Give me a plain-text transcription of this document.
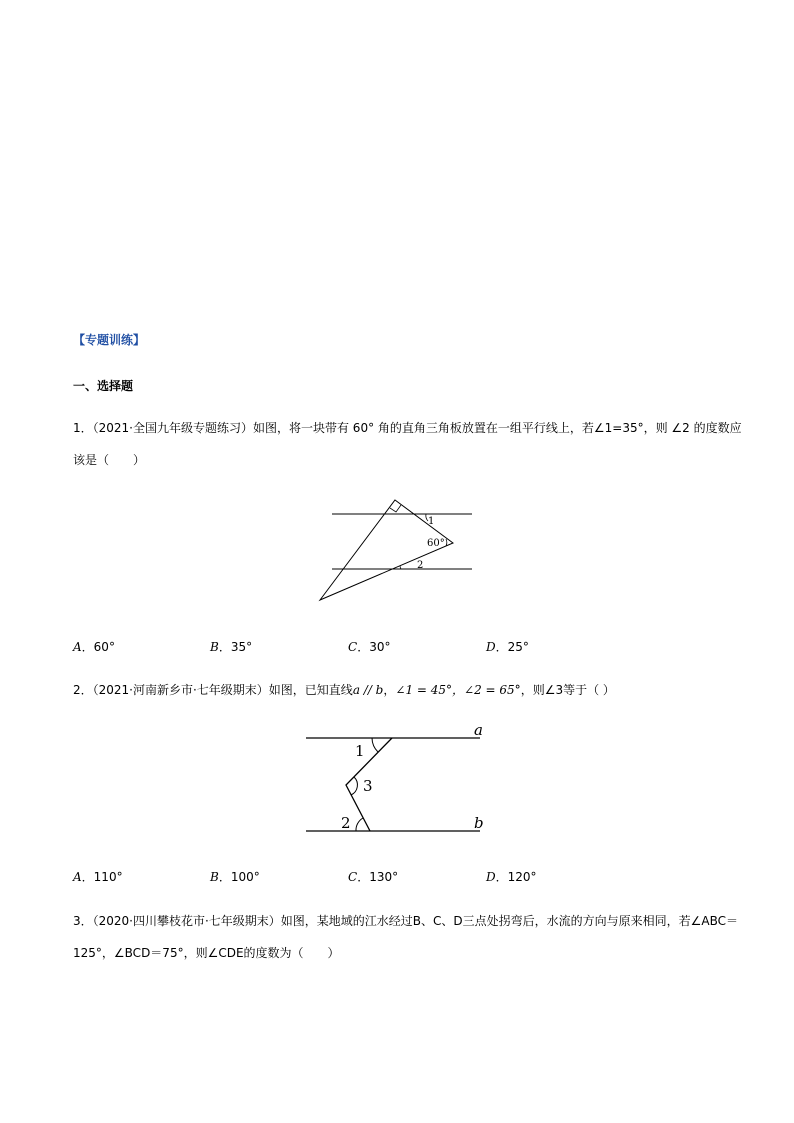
【专题训练】
一、选择题
1．（2021·全国九年级专题练习）如图，将一块带有 60° 角的直角三角板放置在一组平行线上，若∠1=35°，则 ∠2 的度数应
该是（　　）
1
60°
2
A．60°	B．35°	C．30°	D．25°
2．（2021·河南新乡市·七年级期末）如图，已知直线a // b，∠1 = 45°，∠2 = 65°，则∠3等于（ ）
a
b
1
3
2
A．110°	B．100°	C．130°	D．120°
3．（2020·四川攀枝花市·七年级期末）如图，某地域的江水经过B、C、D三点处拐弯后，水流的方向与原来相同，若∠ABC＝
125°，∠BCD＝75°，则∠CDE的度数为（　　）
